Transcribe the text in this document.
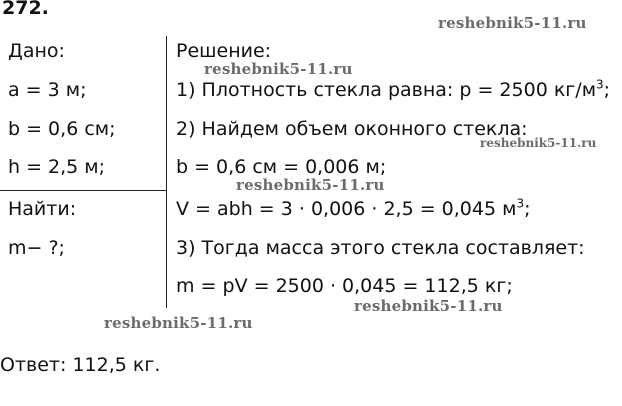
272.
reshebnik5-11.ru
Дано:
a = 3 м;
b = 0,6 см;
h = 2,5 м;
Найти:
m− ?;
Решение:
reshebnik5-11.ru
1) Плотность стекла равна: p = 2500 $кг/м^3$;
2) Найдем объем оконного стекла:
reshebnik5-11.ru
b = 0,6 см = 0,006 м;
reshebnik5-11.ru
V = abh = 3 · 0,006 · 2,5 = 0,045 $м^3$;
3) Тогда масса этого стекла составляет:
m = pV = 2500 · 0,045 = 112,5 кг;
reshebnik5-11.ru
reshebnik5-11.ru
Ответ: 112,5 кг.
